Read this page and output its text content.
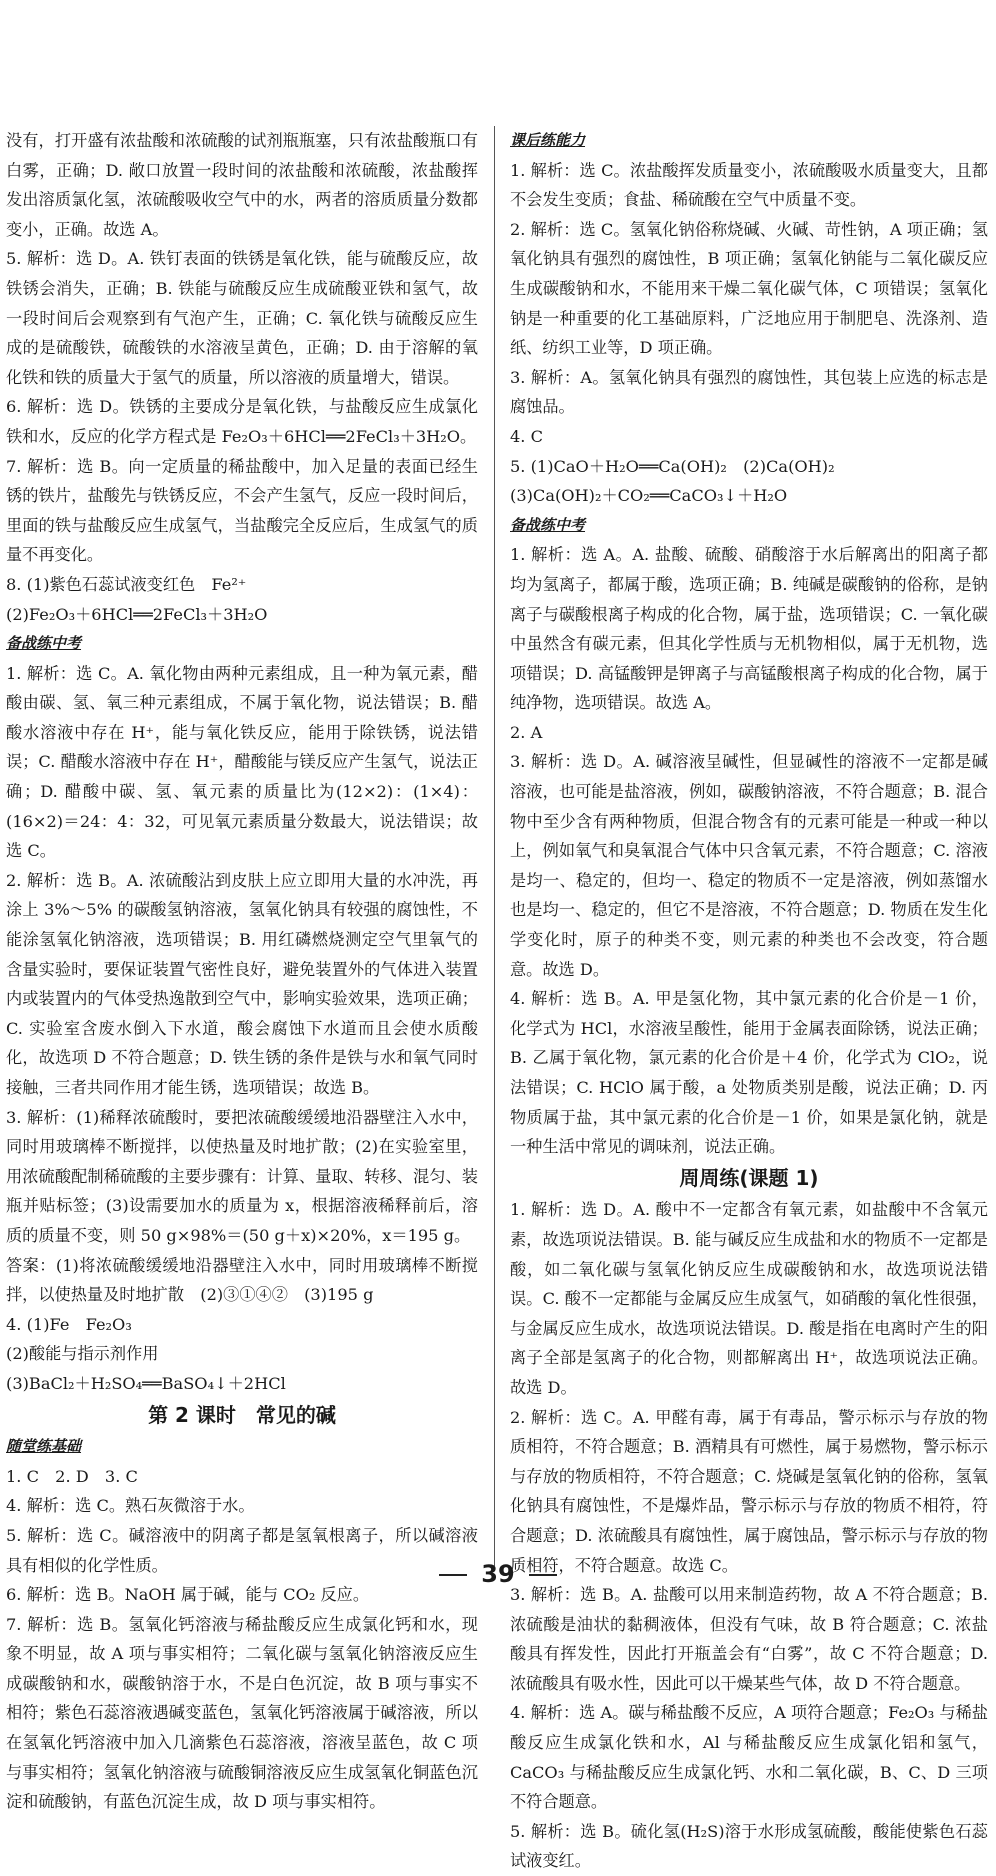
没有，打开盛有浓盐酸和浓硫酸的试剂瓶瓶塞，只有浓盐酸瓶口有白雾，正确；D. 敞口放置一段时间的浓盐酸和浓硫酸，浓盐酸挥发出溶质氯化氢，浓硫酸吸收空气中的水，两者的溶质质量分数都变小，正确。故选 A。

5. 解析：选 D。A. 铁钉表面的铁锈是氧化铁，能与硫酸反应，故铁锈会消失，正确；B. 铁能与硫酸反应生成硫酸亚铁和氢气，故一段时间后会观察到有气泡产生，正确；C. 氧化铁与硫酸反应生成的是硫酸铁，硫酸铁的水溶液呈黄色，正确；D. 由于溶解的氧化铁和铁的质量大于氢气的质量，所以溶液的质量增大，错误。

6. 解析：选 D。铁锈的主要成分是氧化铁，与盐酸反应生成氯化铁和水，反应的化学方程式是 Fe₂O₃＋6HCl══2FeCl₃＋3H₂O。

7. 解析：选 B。向一定质量的稀盐酸中，加入足量的表面已经生锈的铁片，盐酸先与铁锈反应，不会产生氢气，反应一段时间后，里面的铁与盐酸反应生成氢气，当盐酸完全反应后，生成氢气的质量不再变化。

8. (1)紫色石蕊试液变红色　Fe²⁺

(2)Fe₂O₃＋6HCl══2FeCl₃＋3H₂O

备战练中考

1. 解析：选 C。A. 氧化物由两种元素组成，且一种为氧元素，醋酸由碳、氢、氧三种元素组成，不属于氧化物，说法错误；B. 醋酸水溶液中存在 H⁺，能与氧化铁反应，能用于除铁锈，说法错误；C. 醋酸水溶液中存在 H⁺，醋酸能与镁反应产生氢气，说法正确；D. 醋酸中碳、氢、氧元素的质量比为(12×2)：(1×4)：(16×2)＝24：4：32，可见氧元素质量分数最大，说法错误；故选 C。

2. 解析：选 B。A. 浓硫酸沾到皮肤上应立即用大量的水冲洗，再涂上 3%～5% 的碳酸氢钠溶液，氢氧化钠具有较强的腐蚀性，不能涂氢氧化钠溶液，选项错误；B. 用红磷燃烧测定空气里氧气的含量实验时，要保证装置气密性良好，避免装置外的气体进入装置内或装置内的气体受热逸散到空气中，影响实验效果，选项正确；C. 实验室含废水倒入下水道，酸会腐蚀下水道而且会使水质酸化，故选项 D 不符合题意；D. 铁生锈的条件是铁与水和氧气同时接触，三者共同作用才能生锈，选项错误；故选 B。

3. 解析：(1)稀释浓硫酸时，要把浓硫酸缓缓地沿器壁注入水中，同时用玻璃棒不断搅拌，以使热量及时地扩散；(2)在实验室里，用浓硫酸配制稀硫酸的主要步骤有：计算、量取、转移、混匀、装瓶并贴标签；(3)设需要加水的质量为 x，根据溶液稀释前后，溶质的质量不变，则 50 g×98%＝(50 g＋x)×20%，x＝195 g。

答案：(1)将浓硫酸缓缓地沿器壁注入水中，同时用玻璃棒不断搅拌，以使热量及时地扩散　(2)③①④②　(3)195 g

4. (1)Fe　Fe₂O₃

(2)酸能与指示剂作用

(3)BaCl₂＋H₂SO₄══BaSO₄↓＋2HCl

第 2 课时　常见的碱

随堂练基础

1. C　2. D　3. C

4. 解析：选 C。熟石灰微溶于水。

5. 解析：选 C。碱溶液中的阴离子都是氢氧根离子，所以碱溶液具有相似的化学性质。

6. 解析：选 B。NaOH 属于碱，能与 CO₂ 反应。

7. 解析：选 B。氢氧化钙溶液与稀盐酸反应生成氯化钙和水，现象不明显，故 A 项与事实相符；二氧化碳与氢氧化钠溶液反应生成碳酸钠和水，碳酸钠溶于水，不是白色沉淀，故 B 项与事实不相符；紫色石蕊溶液遇碱变蓝色，氢氧化钙溶液属于碱溶液，所以在氢氧化钙溶液中加入几滴紫色石蕊溶液，溶液呈蓝色，故 C 项与事实相符；氢氧化钠溶液与硫酸铜溶液反应生成氢氧化铜蓝色沉淀和硫酸钠，有蓝色沉淀生成，故 D 项与事实相符。

课后练能力

1. 解析：选 C。浓盐酸挥发质量变小，浓硫酸吸水质量变大，且都不会发生变质；食盐、稀硫酸在空气中质量不变。

2. 解析：选 C。氢氧化钠俗称烧碱、火碱、苛性钠，A 项正确；氢氧化钠具有强烈的腐蚀性，B 项正确；氢氧化钠能与二氧化碳反应生成碳酸钠和水，不能用来干燥二氧化碳气体，C 项错误；氢氧化钠是一种重要的化工基础原料，广泛地应用于制肥皂、洗涤剂、造纸、纺织工业等，D 项正确。

3. 解析：A。氢氧化钠具有强烈的腐蚀性，其包装上应选的标志是腐蚀品。

4. C

5. (1)CaO＋H₂O══Ca(OH)₂　(2)Ca(OH)₂

(3)Ca(OH)₂＋CO₂══CaCO₃↓＋H₂O

备战练中考

1. 解析：选 A。A. 盐酸、硫酸、硝酸溶于水后解离出的阳离子都均为氢离子，都属于酸，选项正确；B. 纯碱是碳酸钠的俗称，是钠离子与碳酸根离子构成的化合物，属于盐，选项错误；C. 一氧化碳中虽然含有碳元素，但其化学性质与无机物相似，属于无机物，选项错误；D. 高锰酸钾是钾离子与高锰酸根离子构成的化合物，属于纯净物，选项错误。故选 A。

2. A

3. 解析：选 D。A. 碱溶液呈碱性，但显碱性的溶液不一定都是碱溶液，也可能是盐溶液，例如，碳酸钠溶液，不符合题意；B. 混合物中至少含有两种物质，但混合物含有的元素可能是一种或一种以上，例如氧气和臭氧混合气体中只含氧元素，不符合题意；C. 溶液是均一、稳定的，但均一、稳定的物质不一定是溶液，例如蒸馏水也是均一、稳定的，但它不是溶液，不符合题意；D. 物质在发生化学变化时，原子的种类不变，则元素的种类也不会改变，符合题意。故选 D。

4. 解析：选 B。A. 甲是氢化物，其中氯元素的化合价是－1 价，化学式为 HCl，水溶液呈酸性，能用于金属表面除锈，说法正确；B. 乙属于氧化物，氯元素的化合价是＋4 价，化学式为 ClO₂，说法错误；C. HClO 属于酸，a 处物质类别是酸，说法正确；D. 丙物质属于盐，其中氯元素的化合价是－1 价，如果是氯化钠，就是一种生活中常见的调味剂，说法正确。

周周练(课题 1)

1. 解析：选 D。A. 酸中不一定都含有氧元素，如盐酸中不含氧元素，故选项说法错误。B. 能与碱反应生成盐和水的物质不一定都是酸，如二氧化碳与氢氧化钠反应生成碳酸钠和水，故选项说法错误。C. 酸不一定都能与金属反应生成氢气，如硝酸的氧化性很强，与金属反应生成水，故选项说法错误。D. 酸是指在电离时产生的阳离子全部是氢离子的化合物，则都解离出 H⁺，故选项说法正确。故选 D。

2. 解析：选 C。A. 甲醛有毒，属于有毒品，警示标示与存放的物质相符，不符合题意；B. 酒精具有可燃性，属于易燃物，警示标示与存放的物质相符，不符合题意；C. 烧碱是氢氧化钠的俗称，氢氧化钠具有腐蚀性，不是爆炸品，警示标示与存放的物质不相符，符合题意；D. 浓硫酸具有腐蚀性，属于腐蚀品，警示标示与存放的物质相符，不符合题意。故选 C。

3. 解析：选 B。A. 盐酸可以用来制造药物，故 A 不符合题意；B. 浓硫酸是油状的黏稠液体，但没有气味，故 B 符合题意；C. 浓盐酸具有挥发性，因此打开瓶盖会有“白雾”，故 C 不符合题意；D. 浓硫酸具有吸水性，因此可以干燥某些气体，故 D 不符合题意。

4. 解析：选 A。碳与稀盐酸不反应，A 项符合题意；Fe₂O₃ 与稀盐酸反应生成氯化铁和水，Al 与稀盐酸反应生成氯化铝和氢气，CaCO₃ 与稀盐酸反应生成氯化钙、水和二氧化碳，B、C、D 三项不符合题意。

5. 解析：选 B。硫化氢(H₂S)溶于水形成氢硫酸，酸能使紫色石蕊试液变红。

39
